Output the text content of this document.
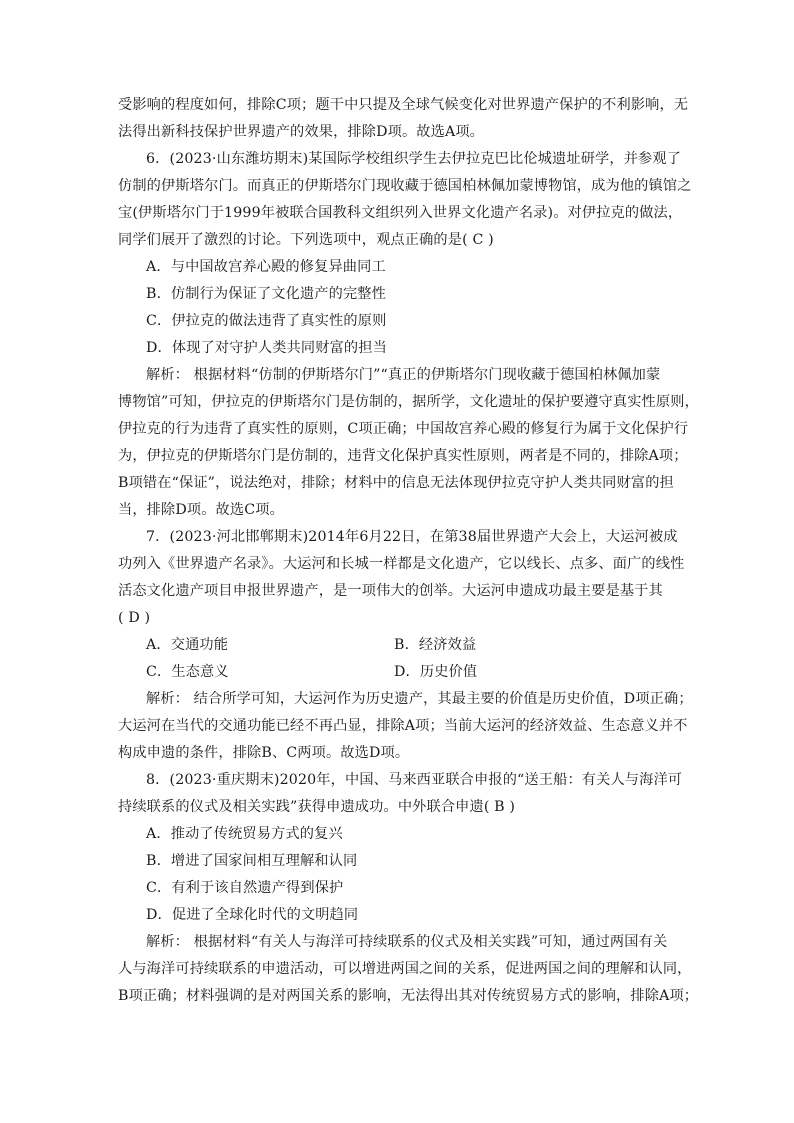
受影响的程度如何，排除C项；题干中只提及全球气候变化对世界遗产保护的不利影响，无
法得出新科技保护世界遗产的效果，排除D项。故选A项。
6．(2023·山东潍坊期末)某国际学校组织学生去伊拉克巴比伦城遗址研学，并参观了
仿制的伊斯塔尔门。而真正的伊斯塔尔门现收藏于德国柏林佩加蒙博物馆，成为他的镇馆之
宝(伊斯塔尔门于1999年被联合国教科文组织列入世界文化遗产名录)。对伊拉克的做法，
同学们展开了激烈的讨论。下列选项中，观点正确的是( C )
A．与中国故宫养心殿的修复异曲同工
B．仿制行为保证了文化遗产的完整性
C．伊拉克的做法违背了真实性的原则
D．体现了对守护人类共同财富的担当
解析： 根据材料“仿制的伊斯塔尔门”“真正的伊斯塔尔门现收藏于德国柏林佩加蒙
博物馆”可知，伊拉克的伊斯塔尔门是仿制的，据所学，文化遗址的保护要遵守真实性原则，
伊拉克的行为违背了真实性的原则，C项正确；中国故宫养心殿的修复行为属于文化保护行
为，伊拉克的伊斯塔尔门是仿制的，违背文化保护真实性原则，两者是不同的，排除A项；
B项错在“保证”，说法绝对，排除；材料中的信息无法体现伊拉克守护人类共同财富的担
当，排除D项。故选C项。
7．(2023·河北邯郸期末)2014年6月22日，在第38届世界遗产大会上，大运河被成
功列入《世界遗产名录》。大运河和长城一样都是文化遗产，它以线长、点多、面广的线性
活态文化遗产项目申报世界遗产，是一项伟大的创举。大运河申遗成功最主要是基于其
( D )
A．交通功能	B．经济效益
C．生态意义	D．历史价值
解析： 结合所学可知，大运河作为历史遗产，其最主要的价值是历史价值，D项正确；
大运河在当代的交通功能已经不再凸显，排除A项；当前大运河的经济效益、生态意义并不
构成申遗的条件，排除B、C两项。故选D项。
8．(2023·重庆期末)2020年，中国、马来西亚联合申报的“送王船：有关人与海洋可
持续联系的仪式及相关实践”获得申遗成功。中外联合申遗( B )
A．推动了传统贸易方式的复兴
B．增进了国家间相互理解和认同
C．有利于该自然遗产得到保护
D．促进了全球化时代的文明趋同
解析： 根据材料“有关人与海洋可持续联系的仪式及相关实践”可知，通过两国有关
人与海洋可持续联系的申遗活动，可以增进两国之间的关系，促进两国之间的理解和认同，
B项正确；材料强调的是对两国关系的影响，无法得出其对传统贸易方式的影响，排除A项；
